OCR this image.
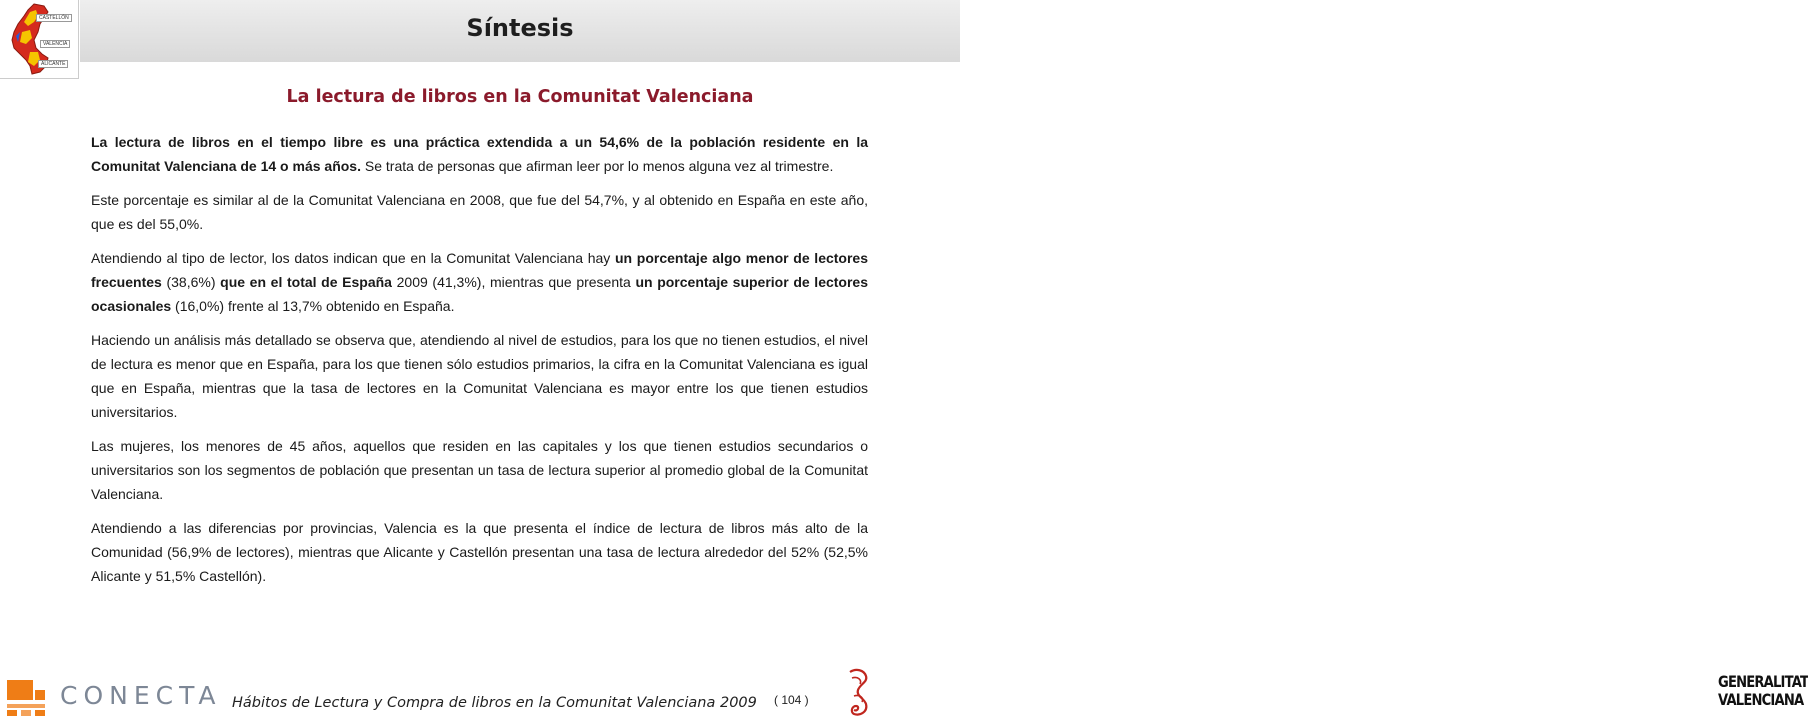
CASTELLÓN
VALENCIA
ALICANTE
Síntesis
La lectura de libros en la Comunitat Valenciana

La lectura de libros en el tiempo libre es una práctica extendida a un 54,6% de la población residente en la Comunitat Valenciana de 14 o más años. Se trata de personas que afirman leer por lo menos alguna vez al trimestre.

Este porcentaje es similar al de la Comunitat Valenciana en 2008, que fue del 54,7%, y al obtenido en España en este año, que es del 55,0%.

Atendiendo al tipo de lector, los datos indican que en la Comunitat Valenciana hay un porcentaje algo menor de lectores frecuentes (38,6%) que en el total de España 2009 (41,3%), mientras que presenta un porcentaje superior de lectores ocasionales (16,0%) frente al 13,7% obtenido en España.

Haciendo un análisis más detallado se observa que, atendiendo al nivel de estudios, para los que no tienen estudios, el nivel de lectura es menor que en España, para los que tienen sólo estudios primarios, la cifra en la Comunitat Valenciana es igual que en España, mientras que la tasa de lectores en la Comunitat Valenciana es mayor entre los que tienen estudios universitarios.

Las mujeres, los menores de 45 años, aquellos que residen en las capitales y los que tienen estudios secundarios o universitarios son los segmentos de población que presentan un tasa de lectura superior al promedio global de la Comunitat Valenciana.

Atendiendo a las diferencias por provincias, Valencia es la que presenta el índice de lectura de libros más alto de la Comunidad (56,9% de lectores), mientras que Alicante y Castellón presentan una tasa de lectura alrededor del 52% (52,5% Alicante y 51,5% Castellón).

CONECTA Hábitos de Lectura y Compra de libros en la Comunitat Valenciana 2009 ( 104 )
GENERALITAT
VALENCIANA
